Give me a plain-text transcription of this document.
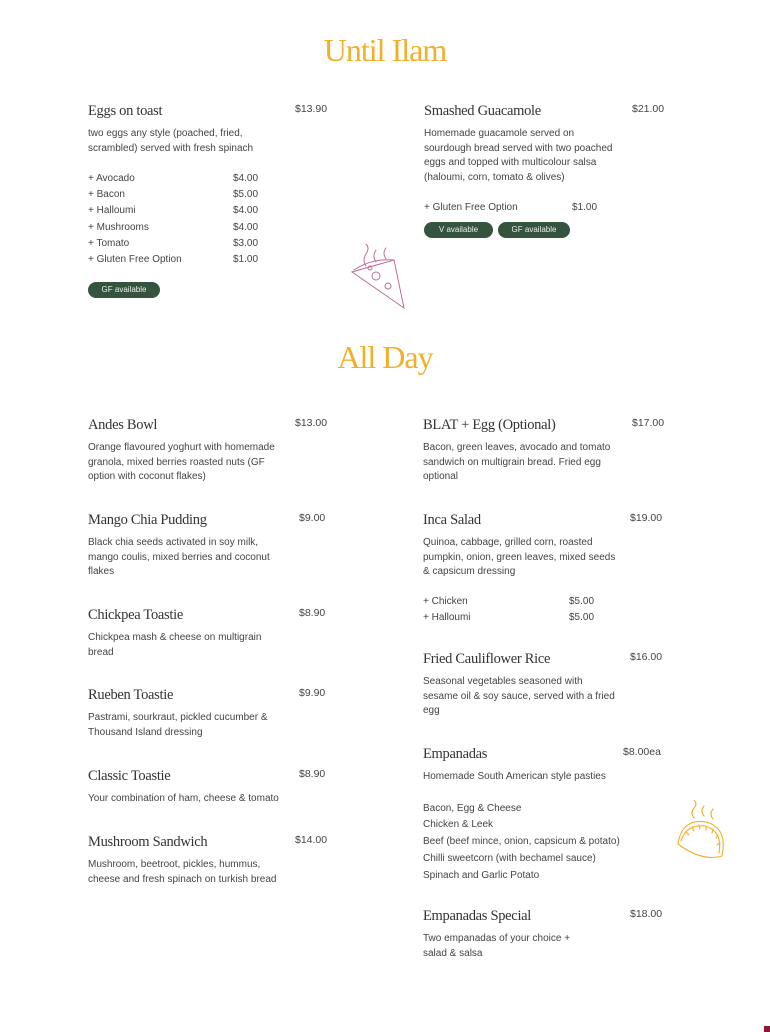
Until Ilam
Eggs on toast	$13.90
two eggs any style (poached, fried, scrambled) served with fresh spinach
+ Avocado	$4.00
+ Bacon	$5.00
+ Halloumi	$4.00
+ Mushrooms	$4.00
+ Tomato	$3.00
+ Gluten Free Option	$1.00
GF available
Smashed Guacamole	$21.00
Homemade guacamole served on sourdough bread served with two poached eggs and topped with multicolour salsa (haloumi, corn, tomato & olives)
+ Gluten Free Option	$1.00
V available	GF available
All Day
Andes Bowl	$13.00
Orange flavoured yoghurt with homemade granola, mixed berries roasted nuts (GF option with coconut flakes)
Mango Chia Pudding	$9.00
Black chia seeds activated in soy milk, mango coulis, mixed berries and coconut flakes
Chickpea Toastie	$8.90
Chickpea mash & cheese on multigrain bread
Rueben Toastie	$9.90
Pastrami, sourkraut, pickled cucumber & Thousand Island dressing
Classic Toastie	$8.90
Your combination of ham, cheese & tomato
Mushroom Sandwich	$14.00
Mushroom, beetroot, pickles, hummus, cheese and fresh spinach on turkish bread
BLAT + Egg (Optional)	$17.00
Bacon, green leaves, avocado and tomato sandwich on multigrain bread. Fried egg optional
Inca Salad	$19.00
Quinoa, cabbage, grilled corn, roasted pumpkin, onion, green leaves, mixed seeds & capsicum dressing
+ Chicken	$5.00
+ Halloumi	$5.00
Fried Cauliflower Rice	$16.00
Seasonal vegetables seasoned with sesame oil & soy sauce, served with a fried egg
Empanadas	$8.00ea
Homemade South American style pasties
Bacon, Egg & Cheese
Chicken & Leek
Beef (beef mince, onion, capsicum & potato)
Chilli sweetcorn (with bechamel sauce)
Spinach and Garlic Potato
Empanadas Special	$18.00
Two empanadas of your choice + salad & salsa
